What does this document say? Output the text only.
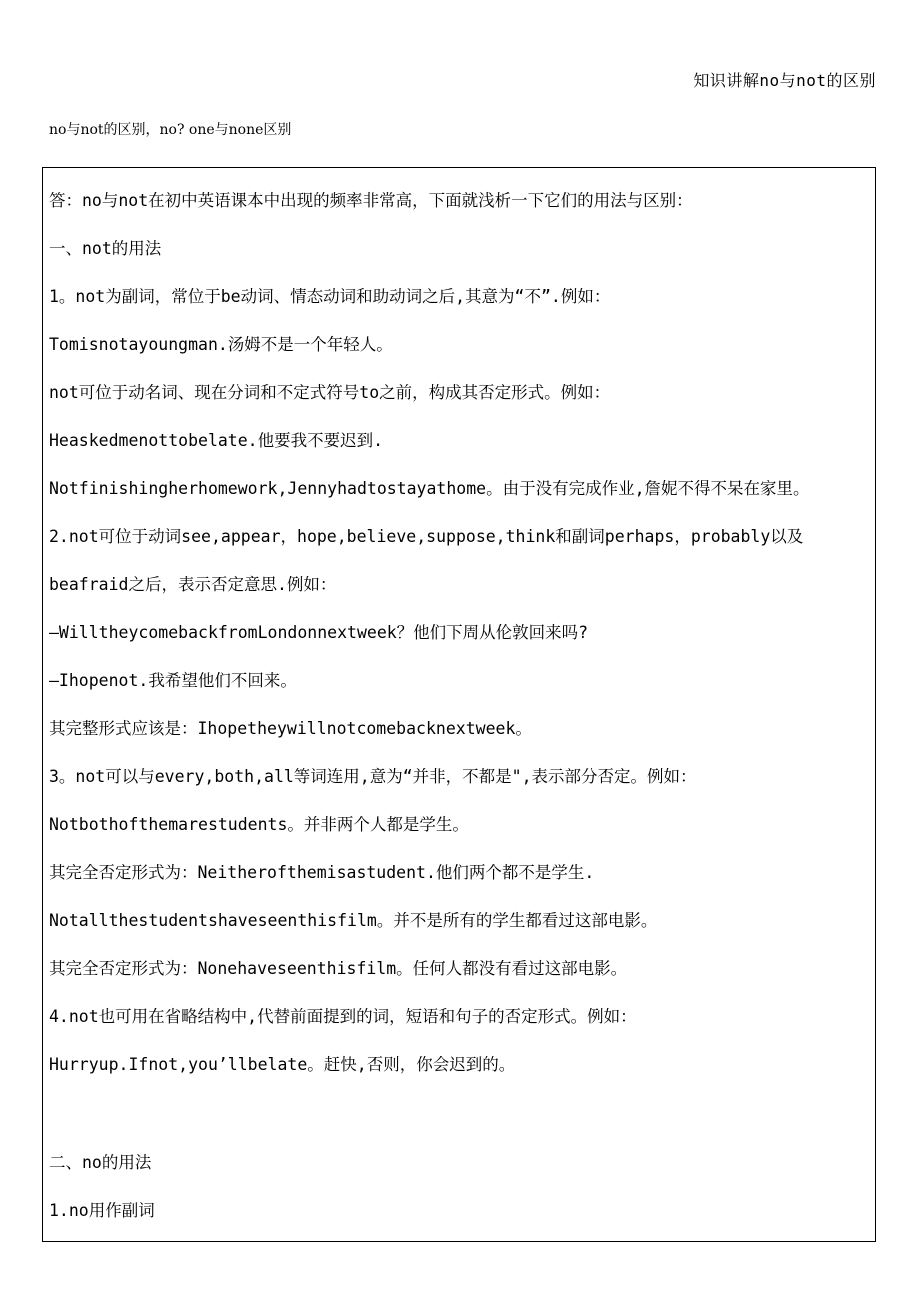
知识讲解no与not的区别
no与not的区别，no? one与none区别
答：no与not在初中英语课本中出现的频率非常高，下面就浅析一下它们的用法与区别：
一、not的用法
1。not为副词，常位于be动词、情态动词和助动词之后,其意为“不”.例如：
Tomisnotayoungman.汤姆不是一个年轻人。
not可位于动名词、现在分词和不定式符号to之前，构成其否定形式。例如：
Heaskedmenottobelate.他要我不要迟到.
Notfinishingherhomework,Jennyhadtostayathome。由于没有完成作业,詹妮不得不呆在家里。
2.not可位于动词see,appear，hope,believe,suppose,think和副词perhaps，probably以及
beafraid之后，表示否定意思.例如：
—WilltheycomebackfromLondonnextweek？他们下周从伦敦回来吗?
—Ihopenot.我希望他们不回来。
其完整形式应该是：Ihopetheywillnotcomebacknextweek。
3。not可以与every,both,all等词连用,意为“并非，不都是",表示部分否定。例如：
Notbothofthemarestudents。并非两个人都是学生。
其完全否定形式为：Neitherofthemisastudent.他们两个都不是学生.
Notallthestudentshaveseenthisfilm。并不是所有的学生都看过这部电影。
其完全否定形式为：Nonehaveseenthisfilm。任何人都没有看过这部电影。
4.not也可用在省略结构中,代替前面提到的词，短语和句子的否定形式。例如：
Hurryup.Ifnot,you’llbelate。赶快,否则，你会迟到的。
二、no的用法
1.no用作副词
